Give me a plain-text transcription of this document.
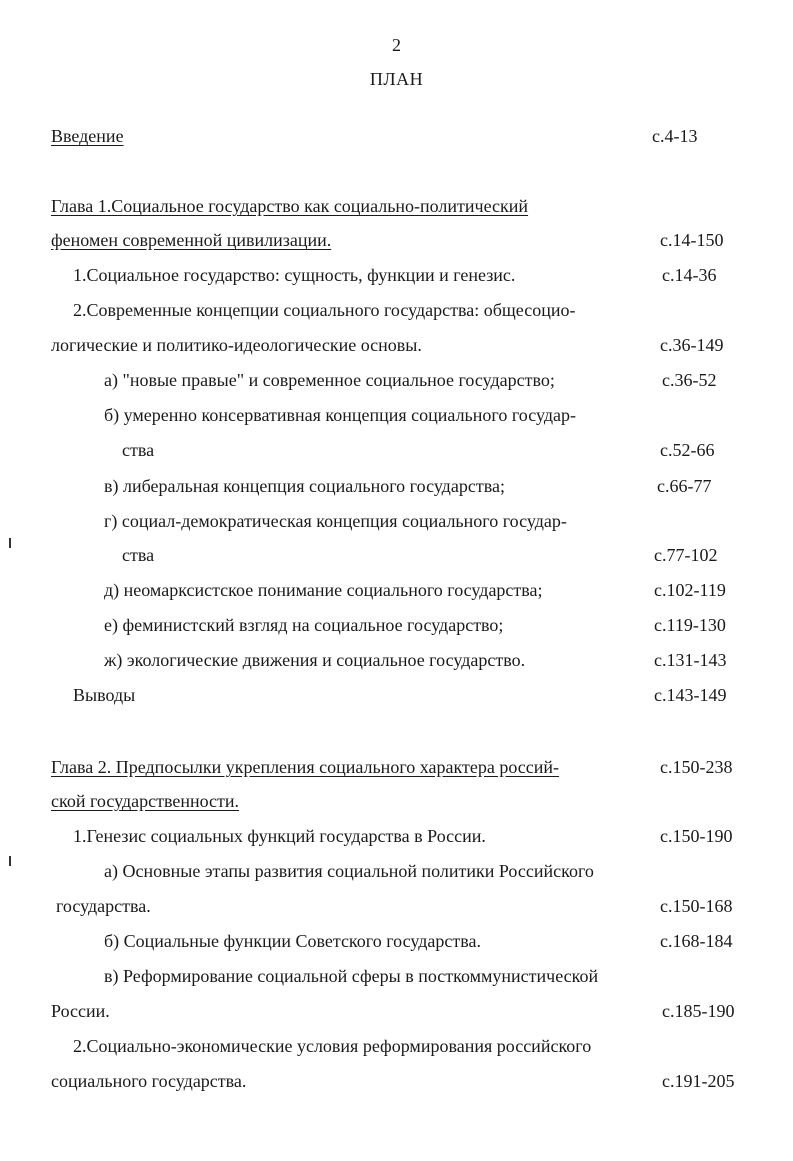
2
ПЛАН
Введение	с.4-13
Глава 1.Социальное государство как социально-политический
феномен современной цивилизации.	с.14-150
1.Социальное государство: сущность, функции и генезис.	с.14-36
2.Современные концепции социального государства: общесоцио-
логические и политико-идеологические основы.	с.36-149
а) "новые правые" и современное социальное государство;	с.36-52
б) умеренно консервативная концепция социального государ-
ства	с.52-66
в) либеральная концепция социального государства;	с.66-77
г) социал-демократическая концепция социального государ-
ства	с.77-102
д) неомарксистское понимание социального государства;	с.102-119
е) феминистский взгляд на социальное государство;	с.119-130
ж) экологические движения и социальное государство.	с.131-143
Выводы	с.143-149
Глава 2. Предпосылки укрепления социального характера россий-	с.150-238
ской государственности.
1.Генезис социальных функций государства в России.	с.150-190
а) Основные этапы развития социальной политики Российского
государства.	с.150-168
б) Социальные функции Советского государства.	с.168-184
в) Реформирование социальной сферы в посткоммунистической
России.	с.185-190
2.Социально-экономические условия реформирования российского
социального государства.	с.191-205
